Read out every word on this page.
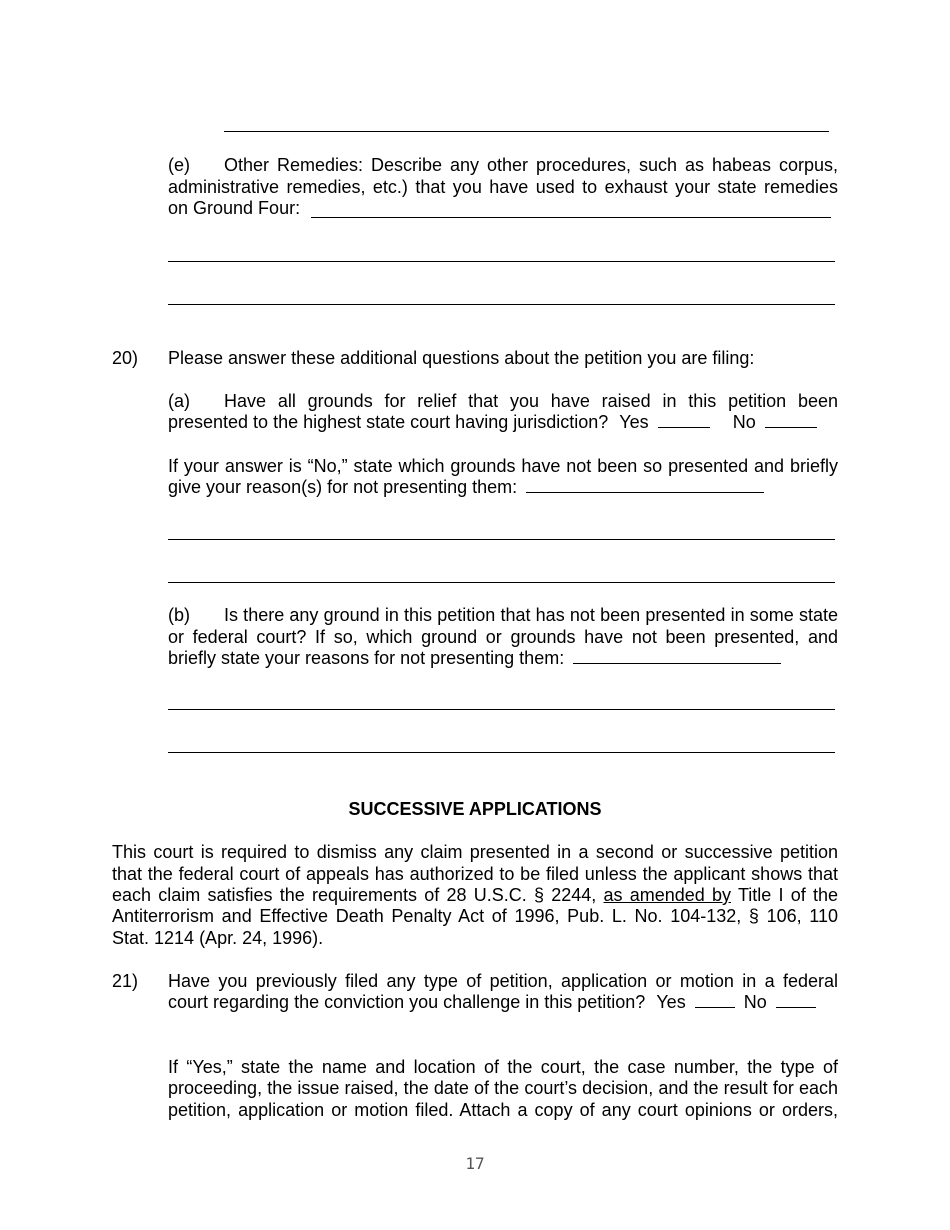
(e) Other Remedies: Describe any other procedures, such as habeas corpus,
administrative remedies, etc.) that you have used to exhaust your state remedies
on Ground Four:
20) Please answer these additional questions about the petition you are filing:
(a) Have all grounds for relief that you have raised in this petition been
presented to the highest state court having jurisdiction? Yes	No
If your answer is “No,” state which grounds have not been so presented and briefly
give your reason(s) for not presenting them:
(b) Is there any ground in this petition that has not been presented in some state
or federal court? If so, which ground or grounds have not been presented, and
briefly state your reasons for not presenting them:
SUCCESSIVE APPLICATIONS
This court is required to dismiss any claim presented in a second or successive petition
that the federal court of appeals has authorized to be filed unless the applicant shows that
each claim satisfies the requirements of 28 U.S.C. § 2244, as amended by Title I of the
Antiterrorism and Effective Death Penalty Act of 1996, Pub. L. No. 104-132, § 106, 110
Stat. 1214 (Apr. 24, 1996).
21) Have you previously filed any type of petition, application or motion in a federal
court regarding the conviction you challenge in this petition? Yes	No
If “Yes,” state the name and location of the court, the case number, the type of
proceeding, the issue raised, the date of the court’s decision, and the result for each
petition, application or motion filed. Attach a copy of any court opinions or orders,
17
